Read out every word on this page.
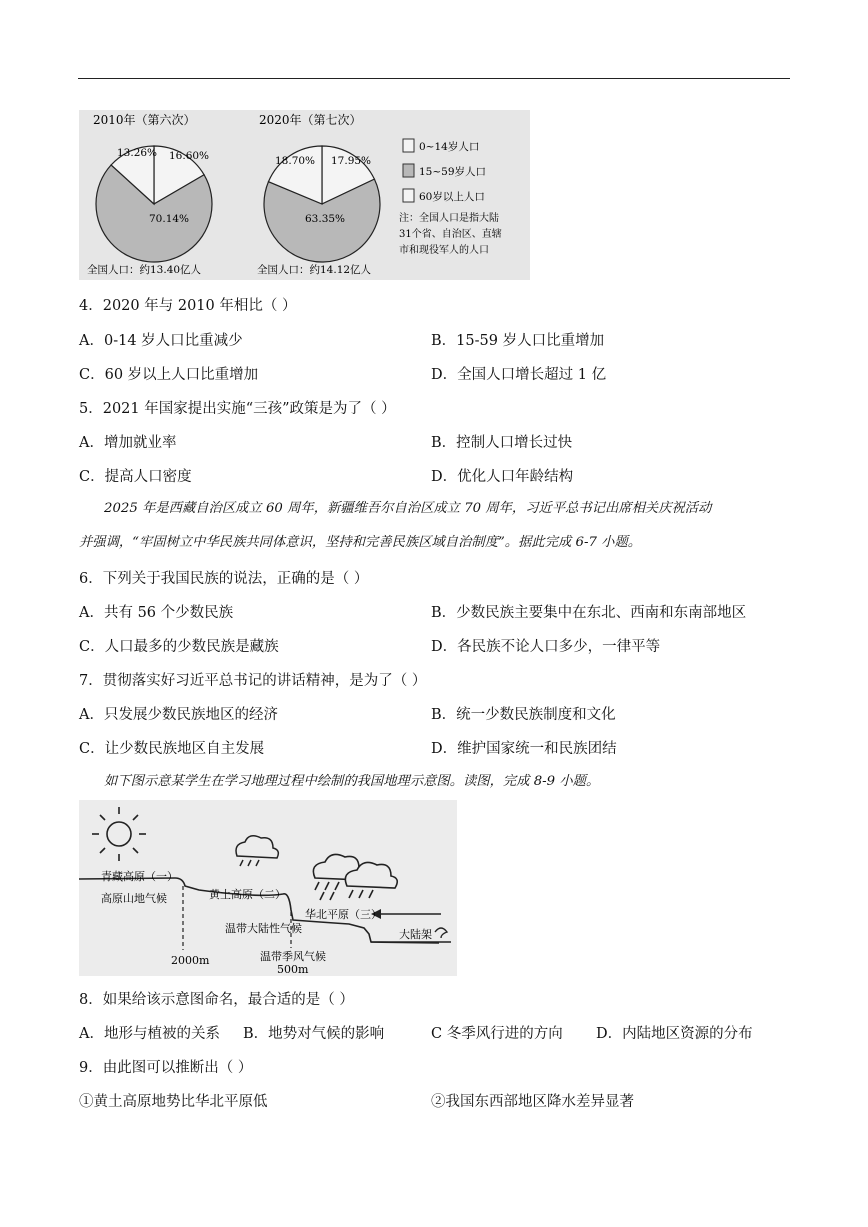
2010年（第六次）
16.60%
70.14%
13.26%
全国人口：约13.40亿人
2020年（第七次）
17.95%
63.35%
18.70%
全国人口：约14.12亿人
0~14岁人口
15~59岁人口
60岁以上人口
注：全国人口是指大陆
31个省、自治区、直辖
市和现役军人的人口
4．2020 年与 2010 年相比（ ）
A．0-14 岁人口比重减少	B．15-59 岁人口比重增加
C．60 岁以上人口比重增加	D．全国人口增长超过 1 亿
5．2021 年国家提出实施“三孩”政策是为了（ ）
A．增加就业率	B．控制人口增长过快
C．提高人口密度	D．优化人口年龄结构
2025 年是西藏自治区成立 60 周年，新疆维吾尔自治区成立 70 周年，习近平总书记出席相关庆祝活动
并强调，“牢固树立中华民族共同体意识，坚持和完善民族区域自治制度”。据此完成 6-7 小题。
6．下列关于我国民族的说法，正确的是（ ）
A．共有 56 个少数民族	B．少数民族主要集中在东北、西南和东南部地区
C．人口最多的少数民族是藏族	D．各民族不论人口多少，一律平等
7．贯彻落实好习近平总书记的讲话精神，是为了（ ）
A．只发展少数民族地区的经济	B．统一少数民族制度和文化
C．让少数民族地区自主发展	D．维护国家统一和民族团结
如下图示意某学生在学习地理过程中绘制的我国地理示意图。读图，完成 8-9 小题。
青藏高原（一）
高原山地气候	黄土高原（二）
温带大陆性气候
华北平原（三）
温带季风气候
2000m
500m
大陆架
8．如果给该示意图命名，最合适的是（ ）
A．地形与植被的关系 B．地势对气候的影响	C 冬季风行进的方向 D．内陆地区资源的分布
9．由此图可以推断出（ ）
①黄土高原地势比华北平原低	②我国东西部地区降水差异显著
